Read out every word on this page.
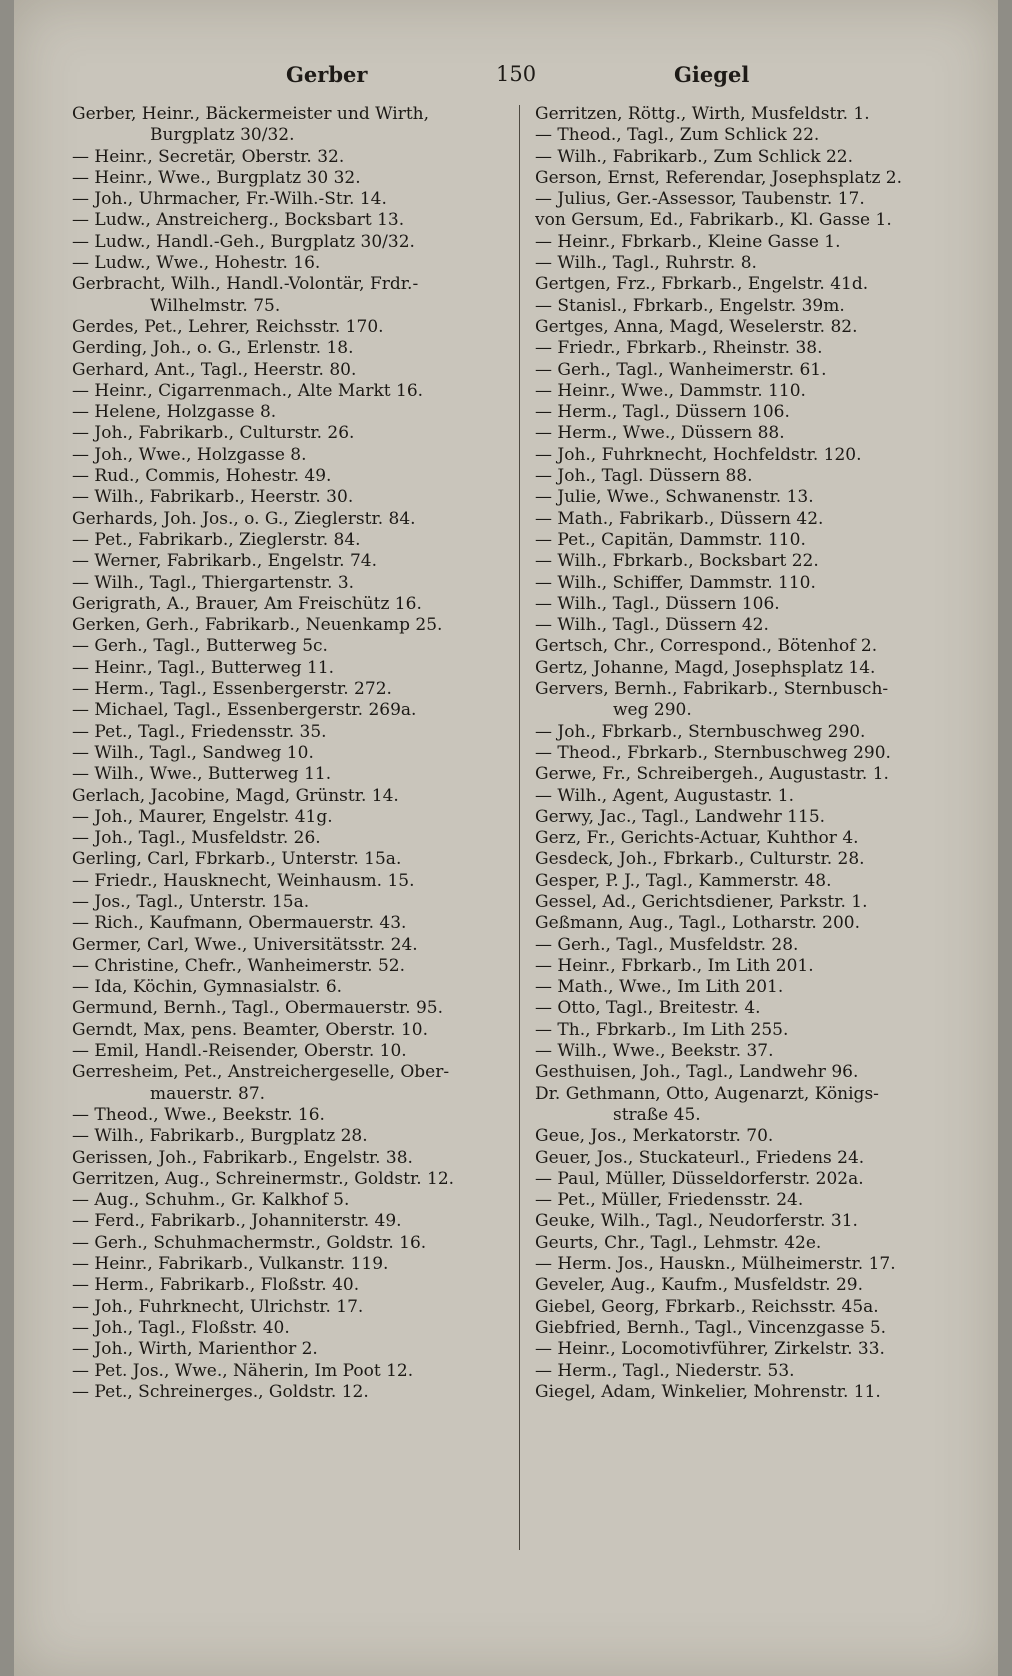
Gerber	150	Giegel
Gerber, Heinr., Bäckermeister und Wirth,
Burgplatz 30/32.
— Heinr., Secretär, Oberstr. 32.
— Heinr., Wwe., Burgplatz 30 32.
— Joh., Uhrmacher, Fr.-Wilh.-Str. 14.
— Ludw., Anstreicherg., Bocksbart 13.
— Ludw., Handl.-Geh., Burgplatz 30/32.
— Ludw., Wwe., Hohestr. 16.
Gerbracht, Wilh., Handl.-Volontär, Frdr.-
Wilhelmstr. 75.
Gerdes, Pet., Lehrer, Reichsstr. 170.
Gerding, Joh., o. G., Erlenstr. 18.
Gerhard, Ant., Tagl., Heerstr. 80.
— Heinr., Cigarrenmach., Alte Markt 16.
— Helene, Holzgasse 8.
— Joh., Fabrikarb., Culturstr. 26.
— Joh., Wwe., Holzgasse 8.
— Rud., Commis, Hohestr. 49.
— Wilh., Fabrikarb., Heerstr. 30.
Gerhards, Joh. Jos., o. G., Zieglerstr. 84.
— Pet., Fabrikarb., Zieglerstr. 84.
— Werner, Fabrikarb., Engelstr. 74.
— Wilh., Tagl., Thiergartenstr. 3.
Gerigrath, A., Brauer, Am Freischütz 16.
Gerken, Gerh., Fabrikarb., Neuenkamp 25.
— Gerh., Tagl., Butterweg 5c.
— Heinr., Tagl., Butterweg 11.
— Herm., Tagl., Essenbergerstr. 272.
— Michael, Tagl., Essenbergerstr. 269a.
— Pet., Tagl., Friedensstr. 35.
— Wilh., Tagl., Sandweg 10.
— Wilh., Wwe., Butterweg 11.
Gerlach, Jacobine, Magd, Grünstr. 14.
— Joh., Maurer, Engelstr. 41g.
— Joh., Tagl., Musfeldstr. 26.
Gerling, Carl, Fbrkarb., Unterstr. 15a.
— Friedr., Hausknecht, Weinhausm. 15.
— Jos., Tagl., Unterstr. 15a.
— Rich., Kaufmann, Obermauerstr. 43.
Germer, Carl, Wwe., Universitätsstr. 24.
— Christine, Chefr., Wanheimerstr. 52.
— Ida, Köchin, Gymnasialstr. 6.
Germund, Bernh., Tagl., Obermauerstr. 95.
Gerndt, Max, pens. Beamter, Oberstr. 10.
— Emil, Handl.-Reisender, Oberstr. 10.
Gerresheim, Pet., Anstreichergeselle, Ober-
mauerstr. 87.
— Theod., Wwe., Beekstr. 16.
— Wilh., Fabrikarb., Burgplatz 28.
Gerissen, Joh., Fabrikarb., Engelstr. 38.
Gerritzen, Aug., Schreinermstr., Goldstr. 12.
— Aug., Schuhm., Gr. Kalkhof 5.
— Ferd., Fabrikarb., Johanniterstr. 49.
— Gerh., Schuhmachermstr., Goldstr. 16.
— Heinr., Fabrikarb., Vulkanstr. 119.
— Herm., Fabrikarb., Floßstr. 40.
— Joh., Fuhrknecht, Ulrichstr. 17.
— Joh., Tagl., Floßstr. 40.
— Joh., Wirth, Marienthor 2.
— Pet. Jos., Wwe., Näherin, Im Poot 12.
— Pet., Schreinerges., Goldstr. 12.
Gerritzen, Röttg., Wirth, Musfeldstr. 1.
— Theod., Tagl., Zum Schlick 22.
— Wilh., Fabrikarb., Zum Schlick 22.
Gerson, Ernst, Referendar, Josephsplatz 2.
— Julius, Ger.-Assessor, Taubenstr. 17.
von Gersum, Ed., Fabrikarb., Kl. Gasse 1.
— Heinr., Fbrkarb., Kleine Gasse 1.
— Wilh., Tagl., Ruhrstr. 8.
Gertgen, Frz., Fbrkarb., Engelstr. 41d.
— Stanisl., Fbrkarb., Engelstr. 39m.
Gertges, Anna, Magd, Weselerstr. 82.
— Friedr., Fbrkarb., Rheinstr. 38.
— Gerh., Tagl., Wanheimerstr. 61.
— Heinr., Wwe., Dammstr. 110.
— Herm., Tagl., Düssern 106.
— Herm., Wwe., Düssern 88.
— Joh., Fuhrknecht, Hochfeldstr. 120.
— Joh., Tagl. Düssern 88.
— Julie, Wwe., Schwanenstr. 13.
— Math., Fabrikarb., Düssern 42.
— Pet., Capitän, Dammstr. 110.
— Wilh., Fbrkarb., Bocksbart 22.
— Wilh., Schiffer, Dammstr. 110.
— Wilh., Tagl., Düssern 106.
— Wilh., Tagl., Düssern 42.
Gertsch, Chr., Correspond., Bötenhof 2.
Gertz, Johanne, Magd, Josephsplatz 14.
Gervers, Bernh., Fabrikarb., Sternbusch-
weg 290.
— Joh., Fbrkarb., Sternbuschweg 290.
— Theod., Fbrkarb., Sternbuschweg 290.
Gerwe, Fr., Schreibergeh., Augustastr. 1.
— Wilh., Agent, Augustastr. 1.
Gerwy, Jac., Tagl., Landwehr 115.
Gerz, Fr., Gerichts-Actuar, Kuhthor 4.
Gesdeck, Joh., Fbrkarb., Culturstr. 28.
Gesper, P. J., Tagl., Kammerstr. 48.
Gessel, Ad., Gerichtsdiener, Parkstr. 1.
Geßmann, Aug., Tagl., Lotharstr. 200.
— Gerh., Tagl., Musfeldstr. 28.
— Heinr., Fbrkarb., Im Lith 201.
— Math., Wwe., Im Lith 201.
— Otto, Tagl., Breitestr. 4.
— Th., Fbrkarb., Im Lith 255.
— Wilh., Wwe., Beekstr. 37.
Gesthuisen, Joh., Tagl., Landwehr 96.
Dr. Gethmann, Otto, Augenarzt, Königs-
straße 45.
Geue, Jos., Merkatorstr. 70.
Geuer, Jos., Stuckateurl., Friedens 24.
— Paul, Müller, Düsseldorferstr. 202a.
— Pet., Müller, Friedensstr. 24.
Geuke, Wilh., Tagl., Neudorferstr. 31.
Geurts, Chr., Tagl., Lehmstr. 42e.
— Herm. Jos., Hauskn., Mülheimerstr. 17.
Geveler, Aug., Kaufm., Musfeldstr. 29.
Giebel, Georg, Fbrkarb., Reichsstr. 45a.
Giebfried, Bernh., Tagl., Vincenzgasse 5.
— Heinr., Locomotivführer, Zirkelstr. 33.
— Herm., Tagl., Niederstr. 53.
Giegel, Adam, Winkelier, Mohrenstr. 11.
